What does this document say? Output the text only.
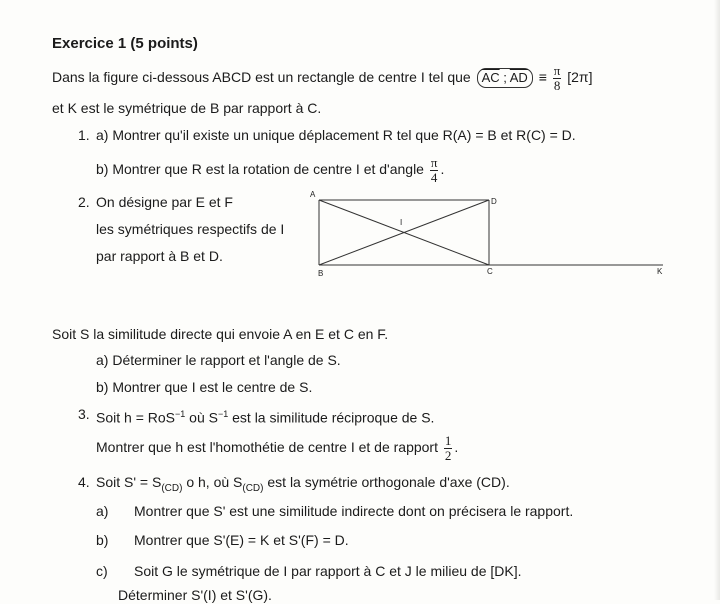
Exercice 1 (5 points)
Dans la figure ci-dessous ABCD est un rectangle de centre I tel que $\overline{AC}$ ; $\overline{AD} \equiv \frac{\pi}{8} [2\pi]$
et K est le symétrique de B par rapport à C.
1. a) Montrer qu'il existe un unique déplacement R tel que R(A) = B et R(C) = D.
b) Montrer que R est la rotation de centre I et d'angle $\frac{\pi}{4}$ .
2. On désigne par E et F
les symétriques respectifs de I
par rapport à B et D.
A
D
I
B	C	K
Soit S la similitude directe qui envoie A en E et C en F.
a) Déterminer le rapport et l'angle de S.
b) Montrer que I est le centre de S.
3. Soit h = RoS$^{-1}$ où $S^{-1}$ est la similitude réciproque de S.
Montrer que h est l'homothétie de centre I et de rapport $\frac{1}{2}$ .
4. Soit $S' = S_{(CD)}$ o h, où $S_{(CD)}$ est la symétrie orthogonale d'axe (CD).
a) Montrer que S' est une similitude indirecte dont on précisera le rapport.
b) Montrer que S'(E) = K et S'(F) = D.
c) Soit G le symétrique de I par rapport à C et J le milieu de [DK].
Déterminer S'(I) et S'(G).
